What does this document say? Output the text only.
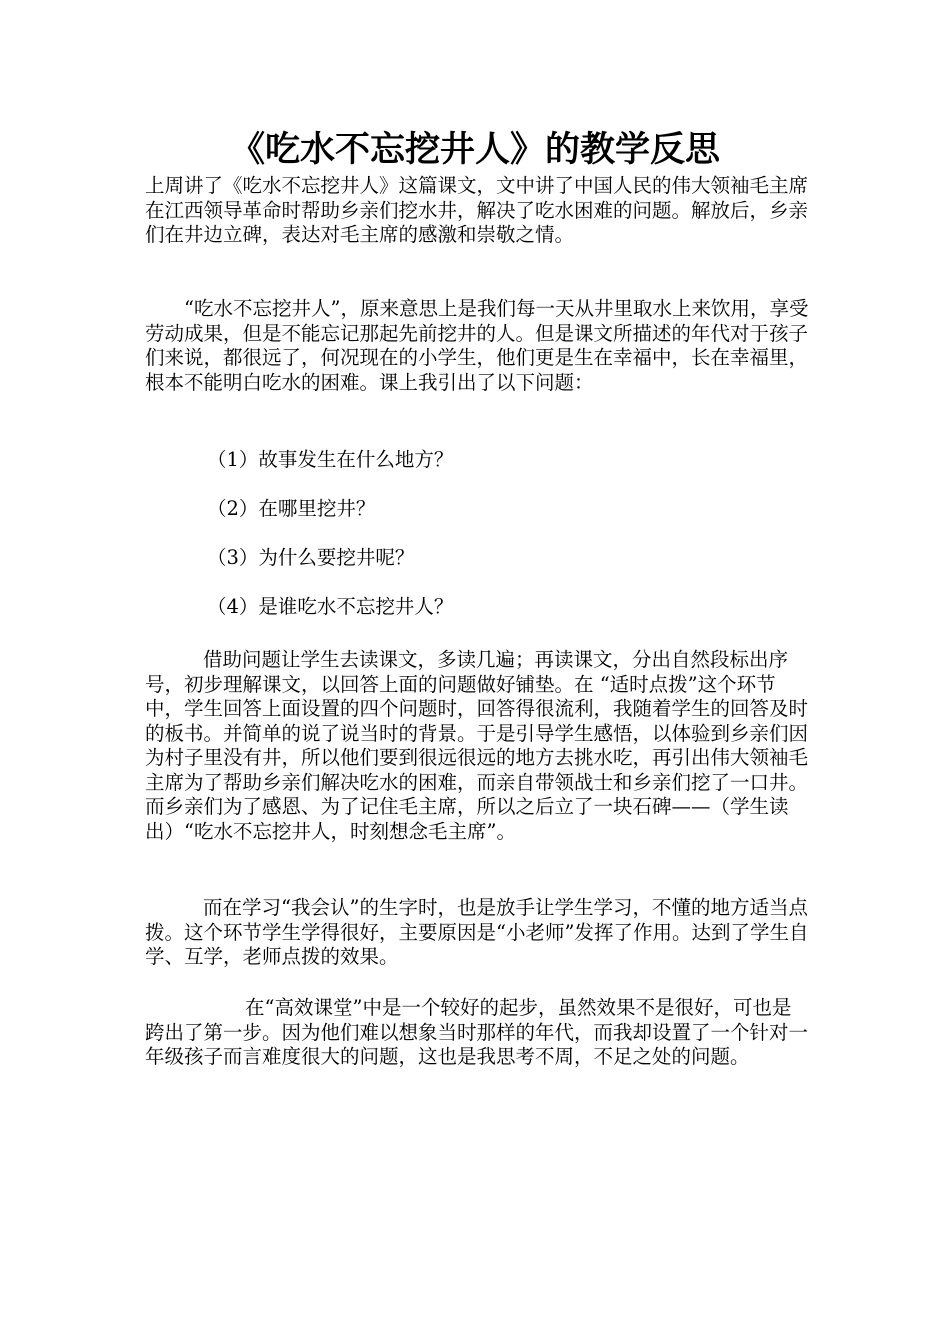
《吃水不忘挖井人》的教学反思

上周讲了《吃水不忘挖井人》这篇课文，文中讲了中国人民的伟大领袖毛主席在江西领导革命时帮助乡亲们挖水井，解决了吃水困难的问题。解放后，乡亲们在井边立碑，表达对毛主席的感激和崇敬之情。

“吃水不忘挖井人”，原来意思上是我们每一天从井里取水上来饮用，享受劳动成果，但是不能忘记那起先前挖井的人。但是课文所描述的年代对于孩子们来说，都很远了，何况现在的小学生，他们更是生在幸福中，长在幸福里，根本不能明白吃水的困难。课上我引出了以下问题：

（1）故事发生在什么地方？

（2）在哪里挖井？

（3）为什么要挖井呢？

（4）是谁吃水不忘挖井人？

借助问题让学生去读课文，多读几遍；再读课文，分出自然段标出序号，初步理解课文，以回答上面的问题做好铺垫。在 “适时点拨”这个环节中，学生回答上面设置的四个问题时，回答得很流利，我随着学生的回答及时的板书。并简单的说了说当时的背景。于是引导学生感悟，以体验到乡亲们因为村子里没有井，所以他们要到很远很远的地方去挑水吃，再引出伟大领袖毛主席为了帮助乡亲们解决吃水的困难，而亲自带领战士和乡亲们挖了一口井。而乡亲们为了感恩、为了记住毛主席，所以之后立了一块石碑——（学生读出）“吃水不忘挖井人，时刻想念毛主席”。

而在学习“我会认”的生字时，也是放手让学生学习，不懂的地方适当点拨。这个环节学生学得很好，主要原因是“小老师”发挥了作用。达到了学生自学、互学，老师点拨的效果。

在“高效课堂”中是一个较好的起步，虽然效果不是很好，可也是跨出了第一步。因为他们难以想象当时那样的年代，而我却设置了一个针对一年级孩子而言难度很大的问题，这也是我思考不周，不足之处的问题。
